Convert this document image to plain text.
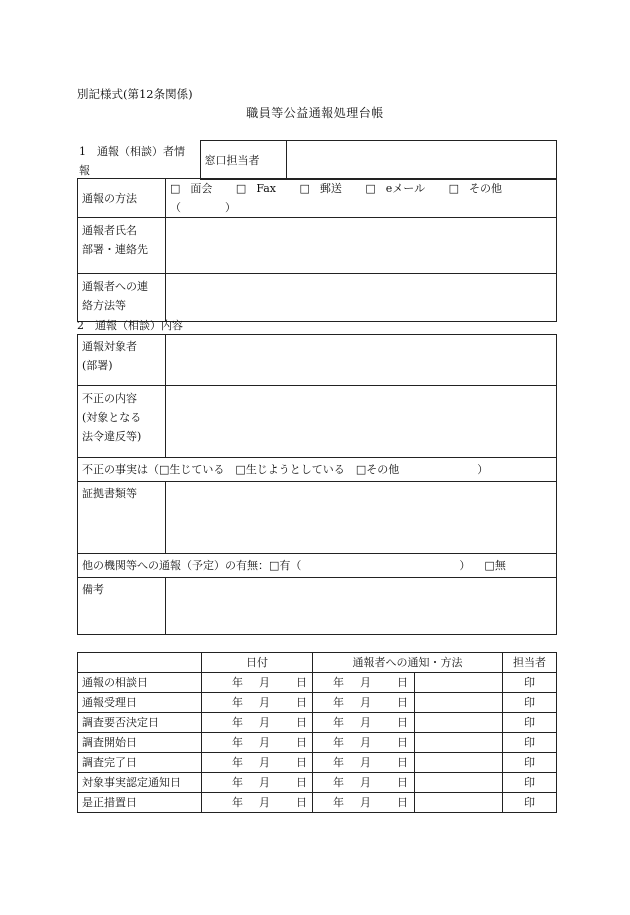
別記様式(第12条関係)
職員等公益通報処理台帳
1　通報（相談）者情
報
	窓口担当者	
通報の方法	□ 面会 □ Fax □ 郵送 □ eメール □ その他（　　　　）

通報者氏名
部署・連絡先	

通報者への連
絡方法等	

2　通報（相談）内容
通報対象者
(部署)	

不正の内容
(対象となる
法令違反等)	

不正の事実は（□生じている　 □生じようとしている　 □その他 ）	
証拠書類等	
他の機関等への通報（予定）の有無：□有（ ） □無	
備考	
	日付	通報者への通知・方法		担当者
通報の相談日	年 月 日	年 月 日		印
通報受理日	年 月 日	年 月 日		印
調査要否決定日	年 月 日	年 月 日		印
調査開始日	年 月 日	年 月 日		印
調査完了日	年 月 日	年 月 日		印
対象事実認定通知日	年 月 日	年 月 日		印
是正措置日	年 月 日	年 月 日		印
